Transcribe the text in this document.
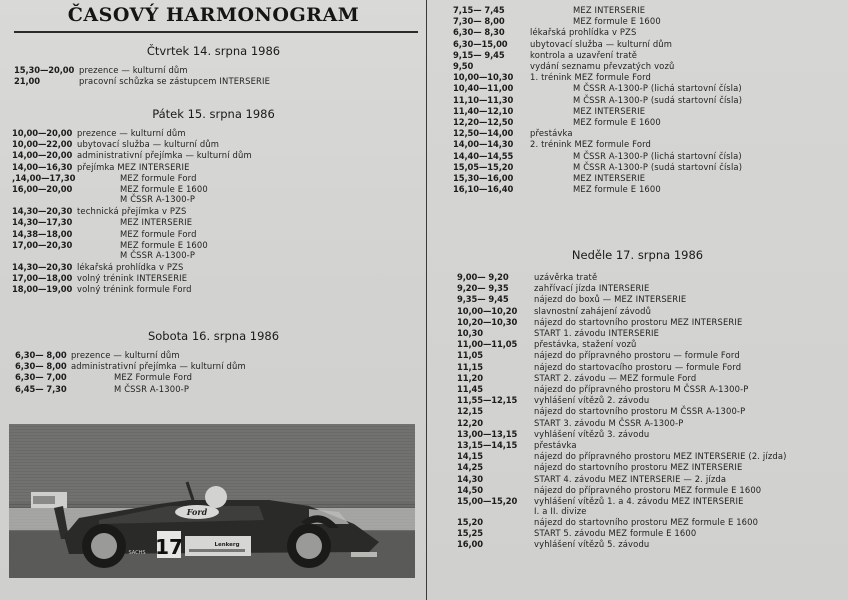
ČASOVÝ HARMONOGRAM
Čtvrtek 14. srpna 1986
15,30—20,00 prezence — kulturní dům
21,00	pracovní schůzka se zástupcem INTERSERIE
Pátek 15. srpna 1986
10,00—20,00 prezence — kulturní dům
10,00—22,00 ubytovací služba — kulturní dům
14,00—20,00 administrativní přejímka — kulturní dům
14,00—16,30 přejímka MEZ INTERSERIE
,14,00—17,30	MEZ formule Ford
16,00—20,00	MEZ formule E 1600
M ČSSR A-1300-P
14,30—20,30 technická přejímka v PZS
14,30—17,30	MEZ INTERSERIE
14,38—18,00	MEZ formule Ford
17,00—20,30	MEZ formule E 1600
M ČSSR A-1300-P
14,30—20,30 lékařská prohlídka v PZS
17,00—18,00 volný trénink INTERSERIE
18,00—19,00 volný trénink formule Ford
Sobota 16. srpna 1986
6,30— 8,00 prezence — kulturní dům
6,30— 8,00 administrativní přejímka — kulturní dům
6,30— 7,00	MEZ Formule Ford
6,45— 7,30	M ČSSR A-1300-P
Ford
17	Lenkerg
SACHS
7,15— 7,45	MEZ INTERSERIE
7,30— 8,00	MEZ formule E 1600
6,30— 8,30	lékařská prohlídka v PZS
6,30—15,00	ubytovací služba — kulturní dům
9,15— 9,45	kontrola a uzavření tratě
9,50	vydání seznamu převzatých vozů
10,00—10,30	1. trénink MEZ formule Ford
10,40—11,00	M ČSSR A-1300-P (lichá startovní čísla)
11,10—11,30	M ČSSR A-1300-P (sudá startovní čísla)
11,40—12,10	MEZ INTERSERIE
12,20—12,50	MEZ formule E 1600
12,50—14,00	přestávka
14,00—14,30	2. trénink MEZ formule Ford
14,40—14,55	M ČSSR A-1300-P (lichá startovní čísla)
15,05—15,20	M ČSSR A-1300-P (sudá startovní čísla)
15,30—16,00	MEZ INTERSERIE
16,10—16,40	MEZ formule E 1600
Neděle 17. srpna 1986
9,00— 9,20	uzávěrka tratě
9,20— 9,35	zahřívací jízda INTERSERIE
9,35— 9,45	nájezd do boxů — MEZ INTERSERIE
10,00—10,20	slavnostní zahájení závodů
10,20—10,30	nájezd do startovního prostoru MEZ INTERSERIE
10,30	START 1. závodu INTERSERIE
11,00—11,05	přestávka, stažení vozů
11,05	nájezd do přípravného prostoru — formule Ford
11,15	nájezd do startovacího prostoru — formule Ford
11,20	START 2. závodu — MEZ formule Ford
11,45	nájezd do přípravného prostoru M ČSSR A-1300-P
11,55—12,15	vyhlášení vítězů 2. závodu
12,15	nájezd do startovního prostoru M ČSSR A-1300-P
12,20	START 3. závodu M ČSSR A-1300-P
13,00—13,15	vyhlášení vítězů 3. závodu
13,15—14,15	přestávka
14,15	nájezd do přípravného prostoru MEZ INTERSERIE (2. jízda)
14,25	nájezd do startovního prostoru MEZ INTERSERIE
14,30	START 4. závodu MEZ INTERSERIE — 2. jízda
14,50	nájezd do přípravného prostoru MEZ formule E 1600
15,00—15,20	vyhlášení vítězů 1. a 4. závodu MEZ INTERSERIE
I. a II. divize
15,20	nájezd do startovního prostoru MEZ formule E 1600
15,25	START 5. závodu MEZ formule E 1600
16,00	vyhlášení vítězů 5. závodu
